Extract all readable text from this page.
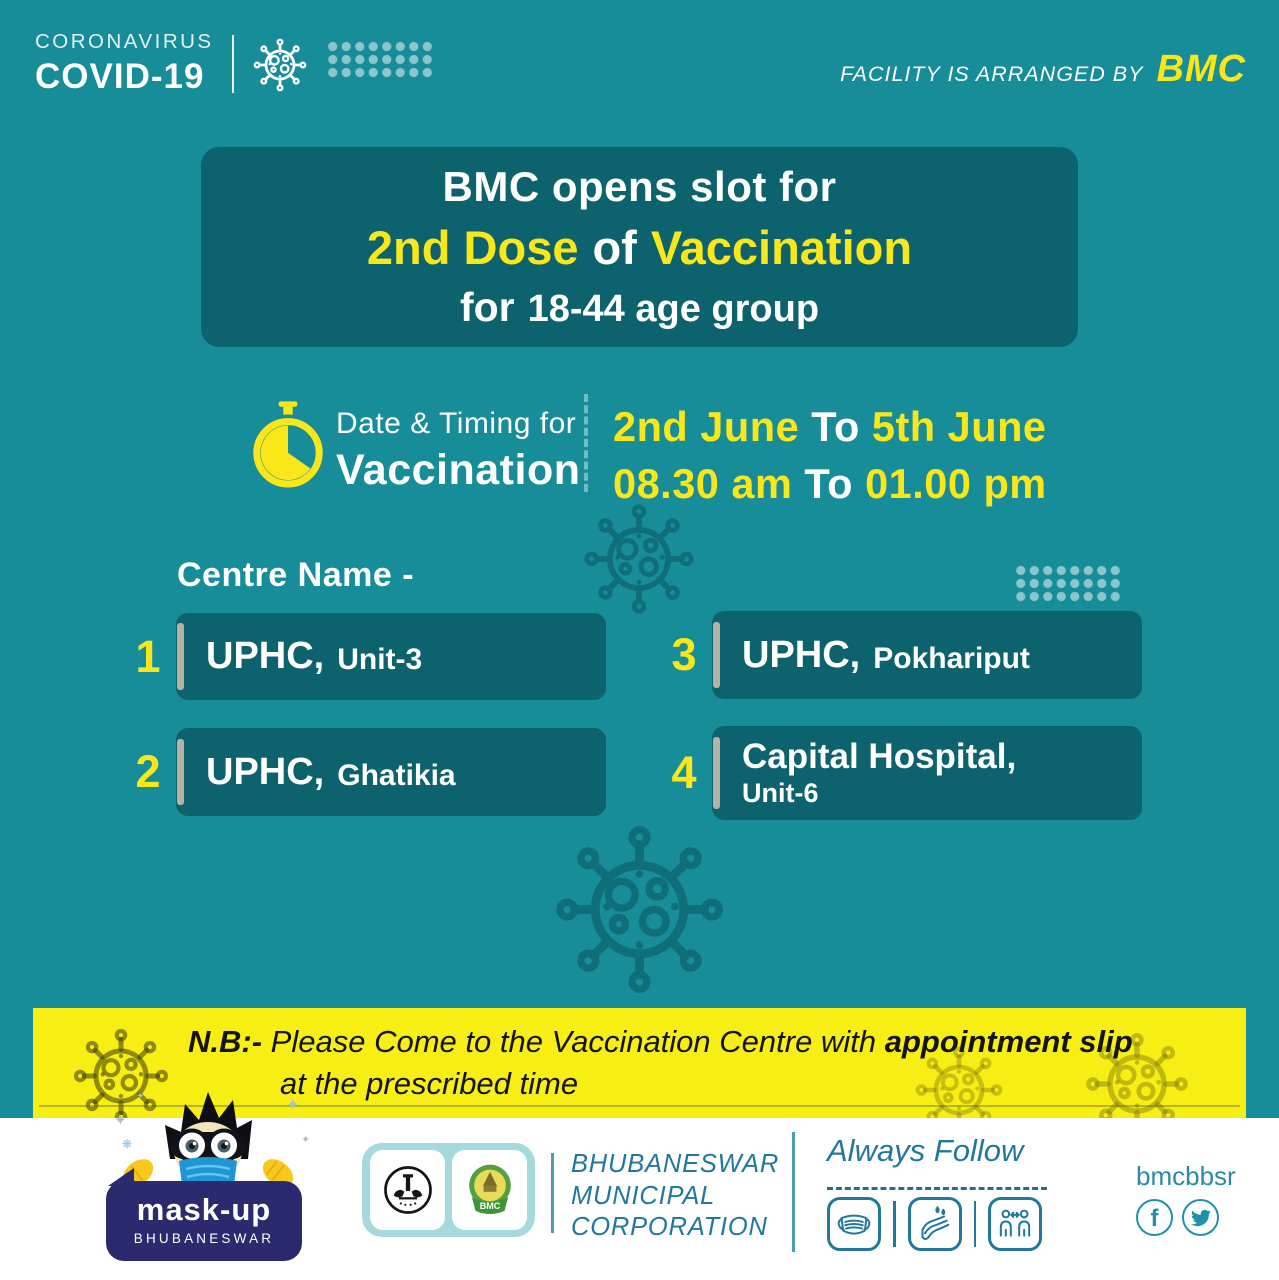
CORONAVIRUS
COVID-19	FACILITY IS ARRANGED BY BMC
BMC opens slot for
2nd Dose of Vaccination
for 18-44 age group
Date & Timing for
Vaccination
2nd June To 5th June
08.30 am To 01.00 pm
Centre Name -
1 UPHC, Unit-3
2 UPHC, Ghatikia
3 UPHC, Pokhariput
4 Capital Hospital,
Unit-6
N.B:- Please Come to the Vaccination Centre with appointment slip
at the prescribed time
✦
✦
✦
✦
❋
mask-up
BHUBANESWAR
BMC
BHUBANESWAR
MUNICIPAL
CORPORATION
Always Follow
bmcbbsr
f
